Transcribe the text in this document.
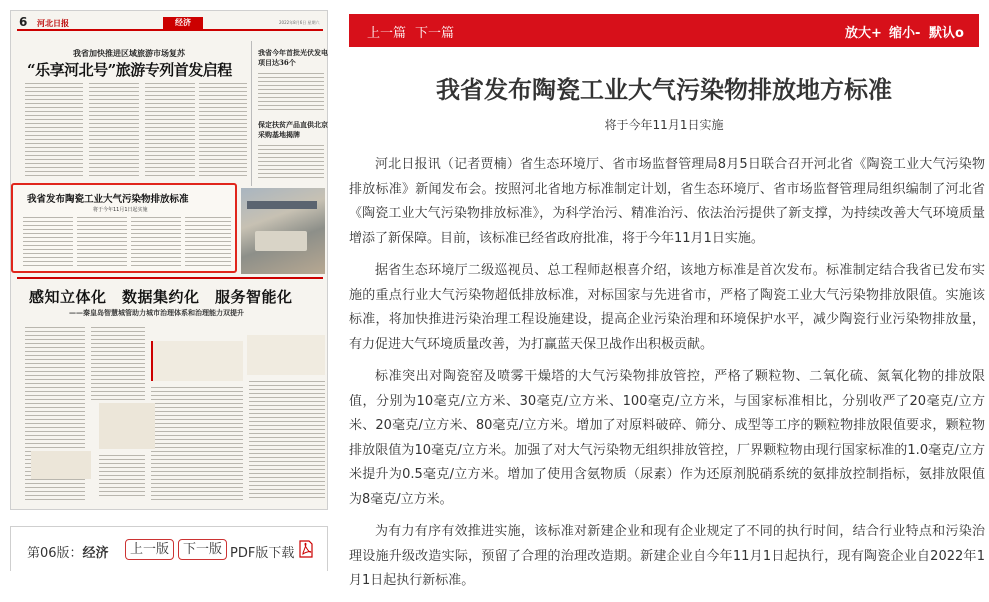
6 河北日报	经济	2022年8月6日 星期六
我省加快推进区域旅游市场复苏
“乐享河北号”旅游专列首发启程
我省今年首批光伏发电项目达36个
保定扶贫产品直供北京采购基地揭牌
我省发布陶瓷工业大气污染物排放标准
将于今年11月1日起实施
感知立体化　数据集约化　服务智能化
——秦皇岛智慧城管助力城市治理体系和治理能力双提升
第06版：经济	上一版	下一版 PDF版下载
上一篇 下一篇	放大+ 缩小- 默认o
我省发布陶瓷工业大气污染物排放地方标准
将于今年11月1日实施

河北日报讯（记者贾楠）省生态环境厅、省市场监督管理局8月5日联合召开河北省《陶瓷工业大气污染物排放标准》新闻发布会。按照河北省地方标准制定计划，省生态环境厅、省市场监督管理局组织编制了河北省《陶瓷工业大气污染物排放标准》，为科学治污、精准治污、依法治污提供了新支撑，为持续改善大气环境质量增添了新保障。目前，该标准已经省政府批准，将于今年11月1日实施。

据省生态环境厅二级巡视员、总工程师赵根喜介绍，该地方标准是首次发布。标准制定结合我省已发布实施的重点行业大气污染物超低排放标准，对标国家与先进省市，严格了陶瓷工业大气污染物排放限值。实施该标准，将加快推进污染治理工程设施建设，提高企业污染治理和环境保护水平，减少陶瓷行业污染物排放量，有力促进大气环境质量改善，为打赢蓝天保卫战作出积极贡献。

标准突出对陶瓷窑及喷雾干燥塔的大气污染物排放管控，严格了颗粒物、二氧化硫、氮氧化物的排放限值，分别为10毫克/立方米、30毫克/立方米、100毫克/立方米，与国家标准相比，分别收严了20毫克/立方米、20毫克/立方米、80毫克/立方米。增加了对原料破碎、筛分、成型等工序的颗粒物排放限值要求，颗粒物排放限值为10毫克/立方米。加强了对大气污染物无组织排放管控，厂界颗粒物由现行国家标准的1.0毫克/立方米提升为0.5毫克/立方米。增加了使用含氨物质（尿素）作为还原剂脱硝系统的氨排放控制指标，氨排放限值为8毫克/立方米。

为有力有序有效推进实施，该标准对新建企业和现有企业规定了不同的执行时间，结合行业特点和污染治理设施升级改造实际，预留了合理的治理改造期。新建企业自今年11月1日起执行，现有陶瓷企业自2022年1月1日起执行新标准。
